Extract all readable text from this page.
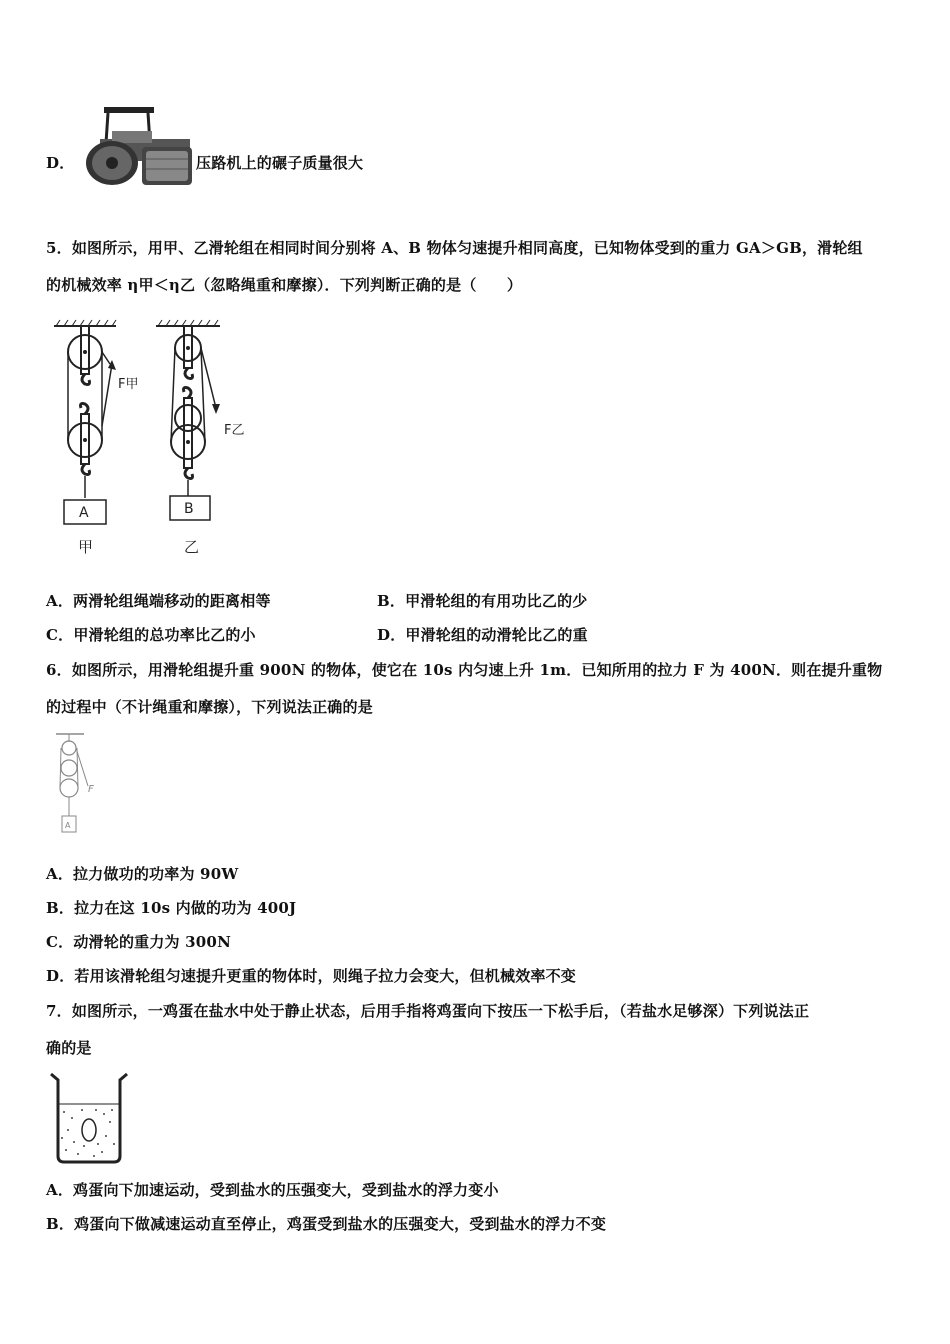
D．	压路机上的碾子质量很大
5．如图所示，用甲、乙滑轮组在相同时间分别将 A、B 物体匀速提升相同高度，已知物体受到的重力 GA＞GB，滑轮组
的机械效率 η甲＜η乙（忽略绳重和摩擦）．下列判断正确的是（　　）
F甲
A
甲
F乙
B
乙
A．两滑轮组绳端移动的距离相等	B．甲滑轮组的有用功比乙的少
C．甲滑轮组的总功率比乙的小	D．甲滑轮组的动滑轮比乙的重
6．如图所示，用滑轮组提升重 900N 的物体，使它在 10s 内匀速上升 1m．已知所用的拉力 F 为 400N．则在提升重物
的过程中（不计绳重和摩擦），下列说法正确的是
F
A
A．拉力做功的功率为 90W
B．拉力在这 10s 内做的功为 400J
C．动滑轮的重力为 300N
D．若用该滑轮组匀速提升更重的物体时，则绳子拉力会变大，但机械效率不变
7．如图所示，一鸡蛋在盐水中处于静止状态，后用手指将鸡蛋向下按压一下松手后，（若盐水足够深）下列说法正
确的是
A．鸡蛋向下加速运动，受到盐水的压强变大，受到盐水的浮力变小
B．鸡蛋向下做减速运动直至停止，鸡蛋受到盐水的压强变大，受到盐水的浮力不变
